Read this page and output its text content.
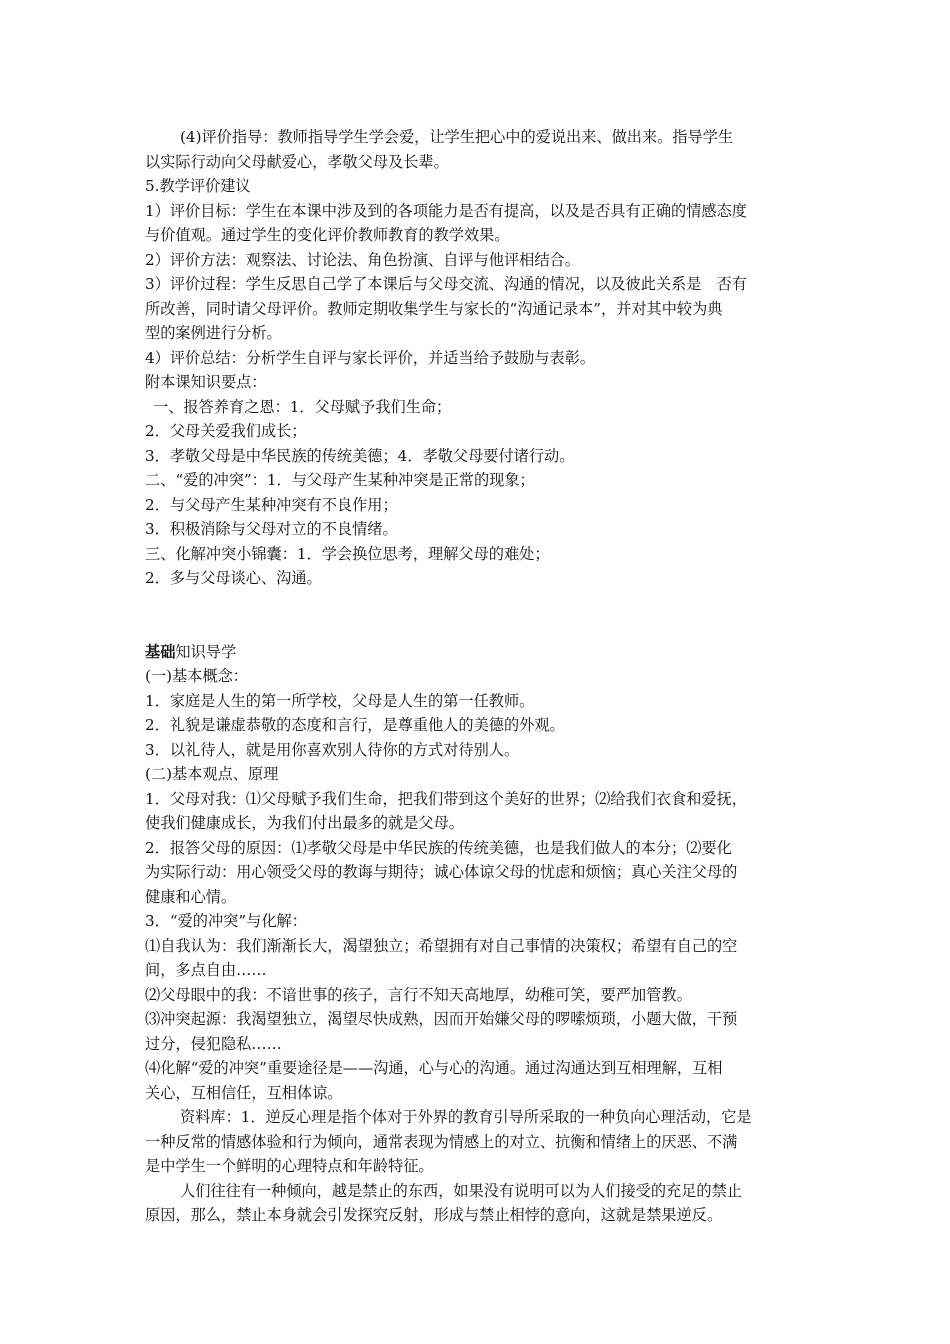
(4)评价指导：教师指导学生学会爱，让学生把心中的爱说出来、做出来。指导学生
以实际行动向父母献爱心，孝敬父母及长辈。
5.教学评价建议
1）评价目标：学生在本课中涉及到的各项能力是否有提高，以及是否具有正确的情感态度
与价值观。通过学生的变化评价教师教育的教学效果。
2）评价方法：观察法、讨论法、角色扮演、自评与他评相结合。
3）评价过程：学生反思自己学了本课后与父母交流、沟通的情况，以及彼此关系是　否有
所改善，同时请父母评价。教师定期收集学生与家长的“沟通记录本”，并对其中较为典
型的案例进行分析。
4）评价总结：分析学生自评与家长评价，并适当给予鼓励与表彰。
附本课知识要点：
一、报答养育之恩：1．父母赋予我们生命；
2．父母关爱我们成长；
3．孝敬父母是中华民族的传统美德；4．孝敬父母要付诸行动。
二、“爱的冲突”：1．与父母产生某种冲突是正常的现象；
2．与父母产生某种冲突有不良作用；
3．积极消除与父母对立的不良情绪。
三、化解冲突小锦囊：1．学会换位思考，理解父母的难处；
2．多与父母谈心、沟通。
基础知识导学
(一)基本概念：
1．家庭是人生的第一所学校，父母是人生的第一任教师。
2．礼貌是谦虚恭敬的态度和言行，是尊重他人的美德的外观。
3．以礼待人，就是用你喜欢别人待你的方式对待别人。
(二)基本观点、原理
1．父母对我：⑴父母赋予我们生命，把我们带到这个美好的世界；⑵给我们衣食和爱抚，
使我们健康成长，为我们付出最多的就是父母。
2．报答父母的原因：⑴孝敬父母是中华民族的传统美德，也是我们做人的本分；⑵要化
为实际行动：用心领受父母的教诲与期待；诚心体谅父母的忧虑和烦恼；真心关注父母的
健康和心情。
3．“爱的冲突”与化解：
⑴自我认为：我们渐渐长大，渴望独立；希望拥有对自己事情的决策权；希望有自己的空
间，多点自由……
⑵父母眼中的我：不谙世事的孩子，言行不知天高地厚，幼稚可笑，要严加管教。
⑶冲突起源：我渴望独立，渴望尽快成熟，因而开始嫌父母的啰嗦烦琐，小题大做，干预
过分，侵犯隐私……
⑷化解“爱的冲突”重要途径是——沟通，心与心的沟通。通过沟通达到互相理解，互相
关心，互相信任，互相体谅。
资料库：1．逆反心理是指个体对于外界的教育引导所采取的一种负向心理活动，它是
一种反常的情感体验和行为倾向，通常表现为情感上的对立、抗衡和情绪上的厌恶、不满
是中学生一个鲜明的心理特点和年龄特征。
人们往往有一种倾向，越是禁止的东西，如果没有说明可以为人们接受的充足的禁止
原因，那么，禁止本身就会引发探究反射，形成与禁止相悖的意向，这就是禁果逆反。
